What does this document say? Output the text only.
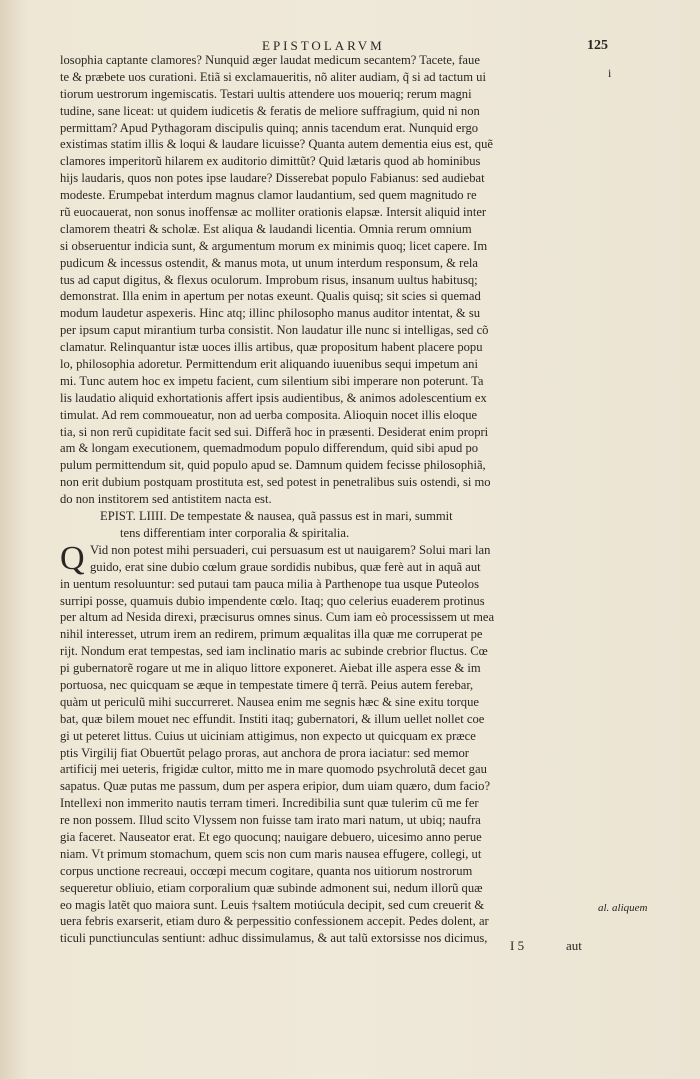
EPISTOLARVM	125
i
losophia captante clamores? Nunquid æger laudat medicum secantem? Tacete, faue
te & præbete uos curationi. Etiã si exclamaueritis, nõ aliter audiam, q̃ si ad tactum ui
tiorum uestrorum ingemiscatis. Testari uultis attendere uos moueriq; rerum magni
tudine, sane liceat: ut quidem iudicetis & feratis de meliore suffragium, quid ni non
permittam? Apud Pythagoram discipulis quinq; annis tacendum erat. Nunquid ergo
existimas statim illis & loqui & laudare licuisse? Quanta autem dementia eius est, quẽ
clamores imperitorũ hilarem ex auditorio dimittũt? Quid lætaris quod ab hominibus
hijs laudaris, quos non potes ipse laudare? Disserebat populo Fabianus: sed audiebat
modeste. Erumpebat interdum magnus clamor laudantium, sed quem magnitudo re
rũ euocauerat, non sonus inoffensæ ac molliter orationis elapsæ. Intersit aliquid inter
clamorem theatri & scholæ. Est aliqua & laudandi licentia. Omnia rerum omnium
si obseruentur indicia sunt, & argumentum morum ex minimis quoq; licet capere. Im
pudicum & incessus ostendit, & manus mota, ut unum interdum responsum, & rela
tus ad caput digitus, & flexus oculorum. Improbum risus, insanum uultus habitusq;
demonstrat. Illa enim in apertum per notas exeunt. Qualis quisq; sit scies si quemad
modum laudetur aspexeris. Hinc atq; illinc philosopho manus auditor intentat, & su
per ipsum caput mirantium turba consistit. Non laudatur ille nunc si intelligas, sed cõ
clamatur. Relinquantur istæ uoces illis artibus, quæ propositum habent placere popu
lo, philosophia adoretur. Permittendum erit aliquando iuuenibus sequi impetum ani
mi. Tunc autem hoc ex impetu facient, cum silentium sibi imperare non poterunt. Ta
lis laudatio aliquid exhortationis affert ipsis audientibus, & animos adolescentium ex
timulat. Ad rem commoueatur, non ad uerba composita. Alioquin nocet illis eloque
tia, si non rerũ cupiditate facit sed sui. Differã hoc in præsenti. Desiderat enim propri
am & longam executionem, quemadmodum populo differendum, quid sibi apud po
pulum permittendum sit, quid populo apud se. Damnum quidem fecisse philosophiã,
non erit dubium postquam prostituta est, sed potest in penetralibus suis ostendi, si mo
do non institorem sed antistitem nacta est.
EPIST. LIIII. De tempestate & nausea, quã passus est in mari, summit
tens differentiam inter corporalia & spiritalia.
Q Vid non potest mihi persuaderi, cui persuasum est ut nauigarem? Solui mari lan
guido, erat sine dubio cœlum graue sordidis nubibus, quæ ferè aut in aquã aut
in uentum resoluuntur: sed putaui tam pauca milia à Parthenope tua usque Puteolos
surripi posse, quamuis dubio impendente cœlo. Itaq; quo celerius euaderem protinus
per altum ad Nesida direxi, præcisurus omnes sinus. Cum iam eò processissem ut mea
nihil interesset, utrum irem an redirem, primum æqualitas illa quæ me corruperat pe
rijt. Nondum erat tempestas, sed iam inclinatio maris ac subinde crebrior fluctus. Cœ
pi gubernatorẽ rogare ut me in aliquo littore exponeret. Aiebat ille aspera esse & im
portuosa, nec quicquam se æque in tempestate timere q̃ terrã. Peius autem ferebar,
quàm ut periculũ mihi succurreret. Nausea enim me segnis hæc & sine exitu torque
bat, quæ bilem mouet nec effundit. Institi itaq; gubernatori, & illum uellet nollet coe
gi ut peteret littus. Cuius ut uiciniam attigimus, non expecto ut quicquam ex præce
ptis Virgilij fiat Obuertũt pelago proras, aut anchora de prora iaciatur: sed memor
artificij mei ueteris, frigidæ cultor, mitto me in mare quomodo psychrolutã decet gau
sapatus. Quæ putas me passum, dum per aspera eripior, dum uiam quæro, dum facio?
Intellexi non immerito nautis terram timeri. Incredibilia sunt quæ tulerim cũ me fer
re non possem. Illud scito Vlyssem non fuisse tam irato mari natum, ut ubiq; naufra
gia faceret. Nauseator erat. Et ego quocunq; nauigare debuero, uicesimo anno perue
niam. Vt primum stomachum, quem scis non cum maris nausea effugere, collegi, ut
corpus unctione recreaui, occœpi mecum cogitare, quanta nos uitiorum nostrorum
sequeretur obliuio, etiam corporalium quæ subinde admonent sui, nedum illorũ quæ
eo magis latẽt quo maiora sunt. Leuis †saltem motiúcula decipit, sed cum creuerit &
uera febris exarserit, etiam duro & perpessitio confessionem accepit. Pedes dolent, ar
ticuli punctiunculas sentiunt: adhuc dissimulamus, & aut talũ extorsisse nos dicimus,
al. aliquem
I 5	aut
